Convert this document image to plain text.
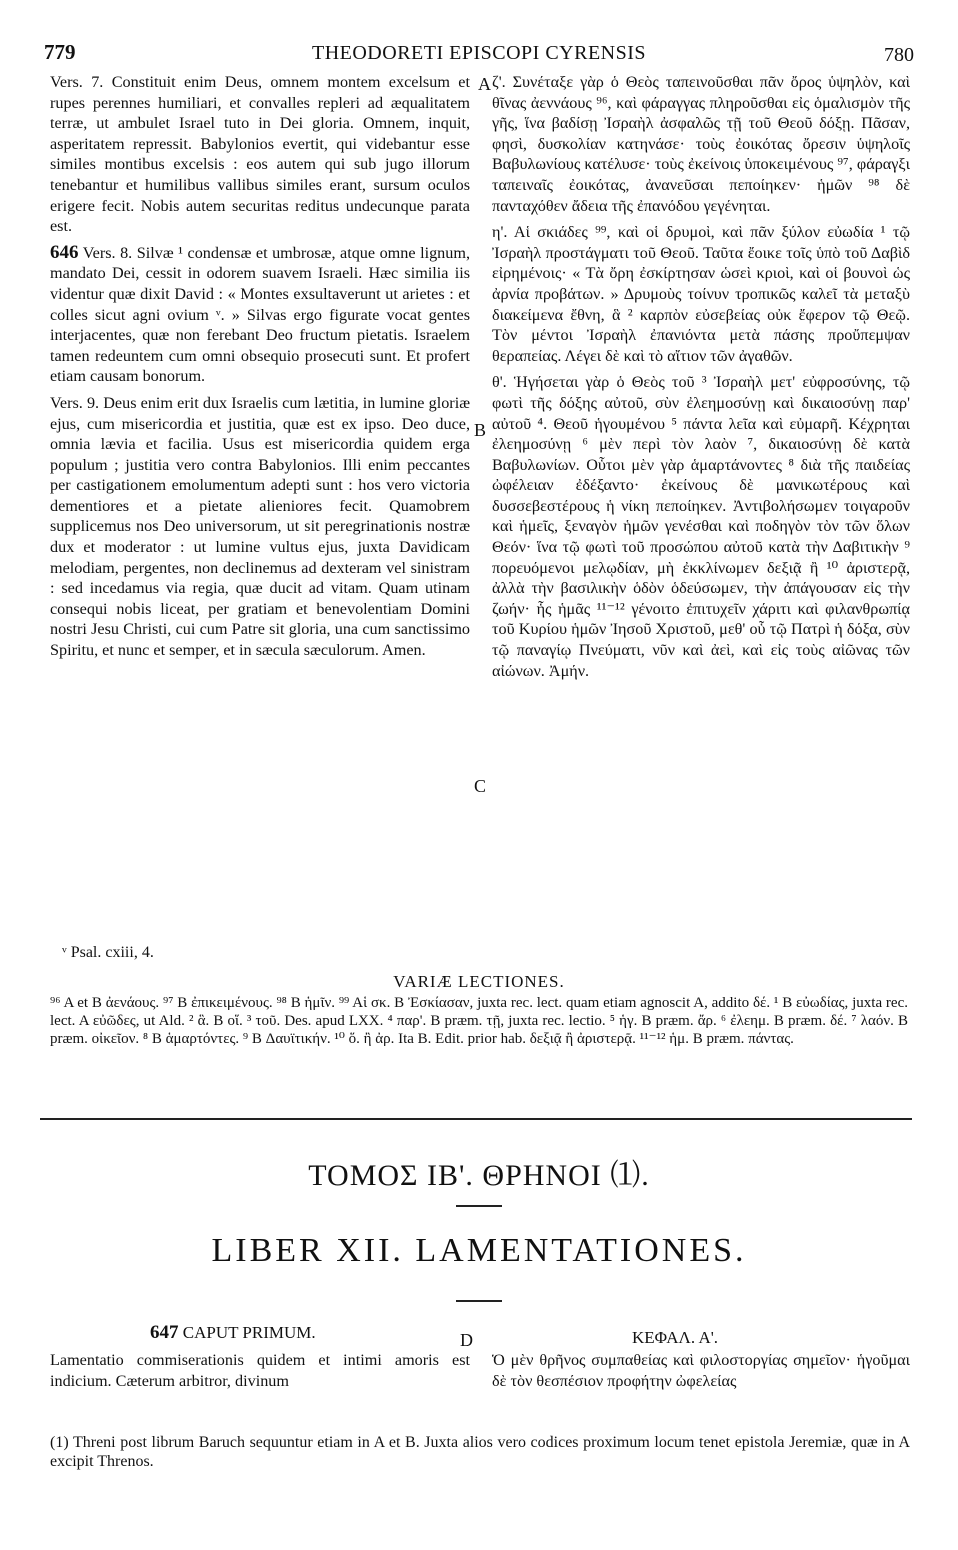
779	THEODORETI EPISCOPI CYRENSIS	780
A
B
C
D

Vers. 7. Constituit enim Deus, omnem montem excelsum et rupes perennes humiliari, et convalles repleri ad æqualitatem terræ, ut ambulet Israel tuto in Dei gloria. Omnem, inquit, asperitatem repressit. Babylonios evertit, qui videbantur esse similes montibus excelsis : eos autem qui sub jugo illorum tenebantur et humilibus vallibus similes erant, sursum oculos erigere fecit. Nobis autem securitas reditus undecunque parata est.

646 Vers. 8. Silvæ ¹ condensæ et umbrosæ, atque omne lignum, mandato Dei, cessit in odorem suavem Israeli. Hæc similia iis videntur quæ dixit David : « Montes exsultaverunt ut arietes : et colles sicut agni ovium ᵛ. » Silvas ergo figurate vocat gentes interjacentes, quæ non ferebant Deo fructum pietatis. Israelem tamen redeuntem cum omni obsequio prosecuti sunt. Et profert etiam causam bonorum.

Vers. 9. Deus enim erit dux Israelis cum lætitia, in lumine gloriæ ejus, cum misericordia et justitia, quæ est ex ipso. Deo duce, omnia lævia et facilia. Usus est misericordia quidem erga populum ; justitia vero contra Babylonios. Illi enim peccantes per castigationem emolumentum adepti sunt : hos vero victoria dementiores et a pietate alieniores fecit. Quamobrem supplicemus nos Deo universorum, ut sit peregrinationis nostræ dux et moderator : ut lumine vultus ejus, juxta Davidicam melodiam, pergentes, non declinemus ad dexteram vel sinistram : sed incedamus via regia, quæ ducit ad vitam. Quam utinam consequi nobis liceat, per gratiam et benevolentiam Domini nostri Jesu Christi, cui cum Patre sit gloria, una cum sanctissimo Spiritu, et nunc et semper, et in sæcula sæculorum. Amen.

ζ'. Συνέταξε γὰρ ὁ Θεὸς ταπεινοῦσθαι πᾶν ὄρος ὑψηλὸν, καὶ θῖνας ἀεννάους ⁹⁶, καὶ φάραγγας πληροῦσθαι εἰς ὁμαλισμὸν τῆς γῆς, ἵνα βαδίσῃ Ἰσραὴλ ἀσφαλῶς τῇ τοῦ Θεοῦ δόξῃ. Πᾶσαν, φησὶ, δυσκολίαν κατηνάσε· τοὺς ἐοικότας ὄρεσιν ὑψηλοῖς Βαβυλωνίους κατέλυσε· τοὺς ἐκείνοις ὑποκειμένους ⁹⁷, φάραγξι ταπειναῖς ἐοικότας, ἀνανεῦσαι πεποίηκεν· ἡμῶν ⁹⁸ δὲ πανταχόθεν ἄδεια τῆς ἐπανόδου γεγένηται.

η'. Αἱ σκιάδες ⁹⁹, καὶ οἱ δρυμοὶ, καὶ πᾶν ξύλον εὐωδία ¹ τῷ Ἰσραὴλ προστάγματι τοῦ Θεοῦ. Ταῦτα ἔοικε τοῖς ὑπὸ τοῦ Δαβὶδ εἰρημένοις· « Τὰ ὄρη ἐσκίρτησαν ὡσεὶ κριοὶ, καὶ οἱ βουνοὶ ὡς ἀρνία προβάτων. » Δρυμοὺς τοίνυν τροπικῶς καλεῖ τὰ μεταξὺ διακείμενα ἔθνη, ἃ ² καρπὸν εὐσεβείας οὐκ ἔφερον τῷ Θεῷ. Τὸν μέντοι Ἰσραὴλ ἐπανιόντα μετὰ πάσης προὔπεμψαν θεραπείας. Λέγει δὲ καὶ τὸ αἴτιον τῶν ἀγαθῶν.

θ'. Ἡγήσεται γὰρ ὁ Θεὸς τοῦ ³ Ἰσραὴλ μετ' εὐφροσύνης, τῷ φωτὶ τῆς δόξης αὐτοῦ, σὺν ἐλεημοσύνῃ καὶ δικαιοσύνῃ παρ' αὐτοῦ ⁴. Θεοῦ ἡγουμένου ⁵ πάντα λεῖα καὶ εὐμαρῆ. Κέχρηται ἐλεημοσύνῃ ⁶ μὲν περὶ τὸν λαὸν ⁷, δικαιοσύνῃ δὲ κατὰ Βαβυλωνίων. Οὗτοι μὲν γὰρ ἁμαρτάνοντες ⁸ διὰ τῆς παιδείας ὠφέλειαν ἐδέξαντο· ἐκείνους δὲ μανικωτέρους καὶ δυσσεβεστέρους ἡ νίκη πεποίηκεν. Ἀντιβολήσωμεν τοιγαροῦν καὶ ἡμεῖς, ξεναγὸν ἡμῶν γενέσθαι καὶ ποδηγὸν τὸν τῶν ὅλων Θεόν· ἵνα τῷ φωτὶ τοῦ προσώπου αὐτοῦ κατὰ τὴν Δαβιτικὴν ⁹ πορευόμενοι μελῳδίαν, μὴ ἐκκλίνωμεν δεξιᾷ ἢ ¹⁰ ἀριστερᾷ, ἀλλὰ τὴν βασιλικὴν ὁδὸν ὁδεύσωμεν, τὴν ἀπάγουσαν εἰς τὴν ζωήν· ἧς ἡμᾶς ¹¹⁻¹² γένοιτο ἐπιτυχεῖν χάριτι καὶ φιλανθρωπίᾳ τοῦ Κυρίου ἡμῶν Ἰησοῦ Χριστοῦ, μεθ' οὗ τῷ Πατρὶ ἡ δόξα, σὺν τῷ παναγίῳ Πνεύματι, νῦν καὶ ἀεὶ, καὶ εἰς τοὺς αἰῶνας τῶν αἰώνων. Ἀμήν.

ᵛ Psal. cxiii, 4.
VARIÆ LECTIONES.
⁹⁶ A et B ἀενάους. ⁹⁷ B ἐπικειμένους. ⁹⁸ B ἡμῖν. ⁹⁹ Αἱ σκ. B Ἐσκίασαν, juxta rec. lect. quam etiam agnoscit A, addito δέ. ¹ B εὐωδίας, juxta rec. lect. A εὐῶδες, ut Ald. ² ἃ. B οἵ. ³ τοῦ. Des. apud LXX. ⁴ παρ'. B præm. τῇ, juxta rec. lectio. ⁵ ἡγ. B præm. ἄρ. ⁶ ἐλεημ. B præm. δέ. ⁷ λαόν. B præm. οἰκεῖον. ⁸ B ἁμαρτόντες. ⁹ B Δαυϊτικήν. ¹⁰ ὅ. ἢ ἀρ. Ita B. Edit. prior hab. δεξιᾷ ἢ ἀριστερᾷ. ¹¹⁻¹² ἡμ. B præm. πάντας.
ΤΟΜΟΣ ΙΒ'. ΘΡΗΝΟΙ ⑴.
LIBER XII. LAMENTATIONES.
647 CAPUT PRIMUM.	ΚΕΦΑΛ. Α'.
Lamentatio commiserationis quidem et intimi amoris est indicium. Cæterum arbitror, divinum
Ὁ μὲν θρῆνος συμπαθείας καὶ φιλοστοργίας σημεῖον· ἡγοῦμαι δὲ τὸν θεσπέσιον προφήτην ὠφελείας
(1) Threni post librum Baruch sequuntur etiam in A et B. Juxta alios vero codices proximum locum tenet epistola Jeremiæ, quæ in A excipit Threnos.
